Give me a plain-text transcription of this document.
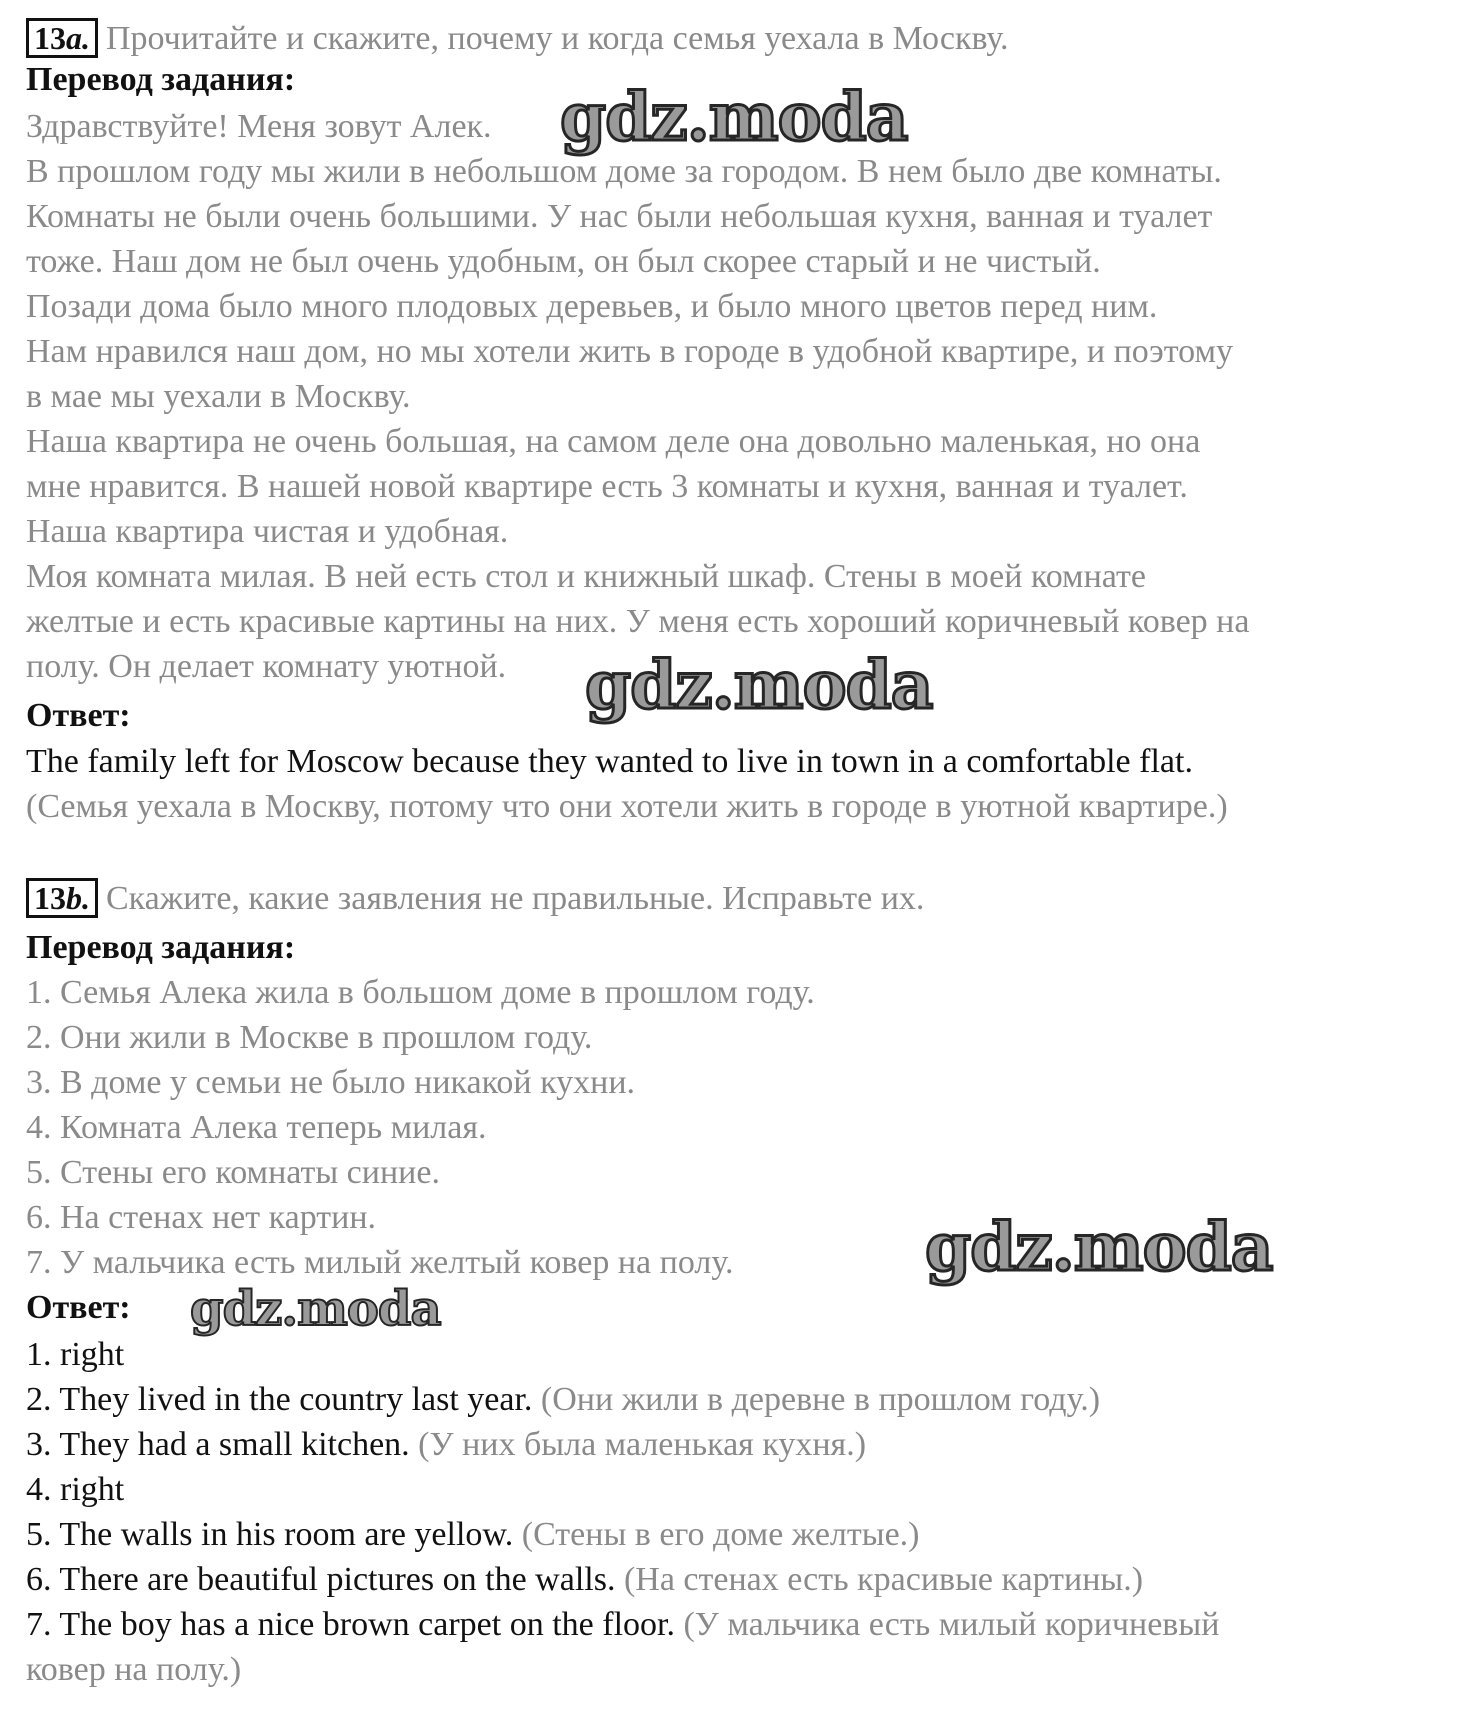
13a. Прочитайте и скажите, почему и когда семья уехала в Москву.
Перевод задания:
Здравствуйте! Меня зовут Алек.
В прошлом году мы жили в небольшом доме за городом. В нем было две комнаты.
Комнаты не были очень большими. У нас были небольшая кухня, ванная и туалет
тоже. Наш дом не был очень удобным, он был скорее старый и не чистый.
Позади дома было много плодовых деревьев, и было много цветов перед ним.
Нам нравился наш дом, но мы хотели жить в городе в удобной квартире, и поэтому
в мае мы уехали в Москву.
Наша квартира не очень большая, на самом деле она довольно маленькая, но она
мне нравится. В нашей новой квартире есть 3 комнаты и кухня, ванная и туалет.
Наша квартира чистая и удобная.
Моя комната милая. В ней есть стол и книжный шкаф. Стены в моей комнате
желтые и есть красивые картины на них. У меня есть хороший коричневый ковер на
полу. Он делает комнату уютной.
Ответ:
The family left for Moscow because they wanted to live in town in a comfortable flat.
(Семья уехала в Москву, потому что они хотели жить в городе в уютной квартире.)
13b. Скажите, какие заявления не правильные. Исправьте их.
Перевод задания:
1. Семья Алека жила в большом доме в прошлом году.
2. Они жили в Москве в прошлом году.
3. В доме у семьи не было никакой кухни.
4. Комната Алека теперь милая.
5. Стены его комнаты синие.
6. На стенах нет картин.
7. У мальчика есть милый желтый ковер на полу.
Ответ:
1. right
2. They lived in the country last year. (Они жили в деревне в прошлом году.)
3. They had a small kitchen. (У них была маленькая кухня.)
4. right
5. The walls in his room are yellow. (Стены в его доме желтые.)
6. There are beautiful pictures on the walls. (На стенах есть красивые картины.)
7. The boy has a nice brown carpet on the floor. (У мальчика есть милый коричневый
ковер на полу.)
gdz.moda
gdz.moda
gdz.moda
gdz.moda
